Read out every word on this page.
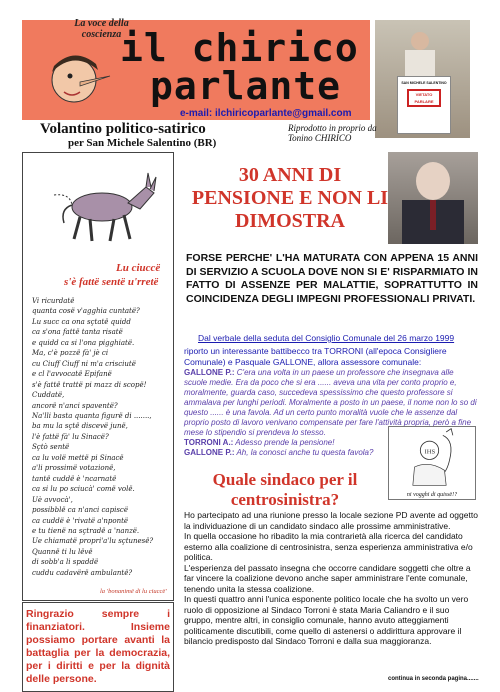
La voce della coscienza
il chirico
parlante
e-mail: ilchiricoparlante@gmail.com
SAN MICHELE SALENTINO
VIETATO PARLARE
Volantino politico-satirico
per San Michele Salentino (BR)
Riprodotto in proprio da Tonino CHIRICO
Lu ciuccë
s'è fattë sentë u'rretë
Vi ricurdatë
quanta cosë v'agghia cuntatë?
Lu succ ca ona sçtatë quidd
ca s'ona fattë tanta risatë
e quidd ca si l'ona pigghiatë.
Ma, c'è pozzë fà' jè ci
cu Ciuff Ciuff ni m'a crisciutë
e cl l'avvocatë Epifanë
s'è fattë trattë pi mazz di scopë!
Cuddatë,
ancorë n'anci spaventë?
Na'lli basta quanta figurë di .......,
ba mu la sçtë discevë junë,
l'è fattë fà' lu Sinacë?
Sçtò sentë
ca lu volë mettë pi Sinacë
a'li prossimë votazionë,
tantë cuddë è 'ncarnatë
ca si lu po sciucà' comë volë.
Uè avvocà',
possibblë ca n'anci capiscë
ca cuddë è 'rivatë a'npontë
e tu tienë na sçtradë a 'nanzë.
Ue chiamatë propri'a'lu sçtunesë?
Quannë ti lu lëvë
di sobb'a li spaddë
cuddu cadavërë ambulantë?
la 'bonanimë di lu ciuccë'
Ringrazio sempre i finanziatori. Insieme possiamo portare avanti la battaglia per la democrazia, per i diritti e per la dignità delle persone.
30 ANNI DI PENSIONE E NON LI DIMOSTRA
FORSE PERCHE' L'HA MATURATA CON APPENA 15 ANNI DI SERVIZIO A SCUOLA DOVE NON SI E' RISPARMIATO IN FATTO DI ASSENZE PER MALATTIE, SOPRATTUTTO IN COINCIDENZA DEGLI IMPEGNI PROFESSIONALI PRIVATI.
Dal verbale della seduta del Consiglio Comunale del 26 marzo 1999
riporto un interessante battibecco tra TORRONI (all'epoca Consigliere Comunale) e Pasquale GALLONE, allora assessore comunale:
GALLONE P.: C'era una volta in un paese un professore che insegnava alle scuole medie. Era da poco che si era ...... aveva una vita per conto proprio e, moralmente, guarda caso, succedeva spessissimo che questo professore si ammalava per lunghi periodi. Moralmente a posto in un paese, il nome non lo so di questo ...... è una favola. Ad un certo punto moralità vuole che le assenze dal proprio posto di lavoro venivano compensate per fare l'attività propria, però a fine mese lo stipendio si prendeva lo stesso.
TORRONI A.: Adesso prende la pensione!
GALLONE P.: Ah, la conosci anche tu questa favola?
Quale sindaco per il centrosinistra?
IHS
ni vogghi di quissë!?
Ho partecipato ad una riunione presso la locale sezione PD avente ad oggetto la individuazione di un candidato sindaco alle prossime amministrative.
In quella occasione ho ribadito la mia contrarietà alla ricerca del candidato esterno alla coalizione di centrosinistra, senza esperienza amministrativa e/o politica.
L'esperienza del passato insegna che occorre candidare soggetti che oltre a far vincere la coalizione devono anche saper amministrare l'ente comunale, tenendo unita la stessa coalizione.
In questi quattro anni l'unica esponente politico locale che ha svolto un vero ruolo di opposizione al Sindaco Torroni è stata Maria Caliandro e il suo gruppo, mentre altri, in consiglio comunale, hanno avuto atteggiamenti politicamente discutibili, come quello di astenersi o addirittura approvare il bilancio predisposto dal Sindaco Torroni e dalla sua maggioranza.
continua in seconda pagina.......
